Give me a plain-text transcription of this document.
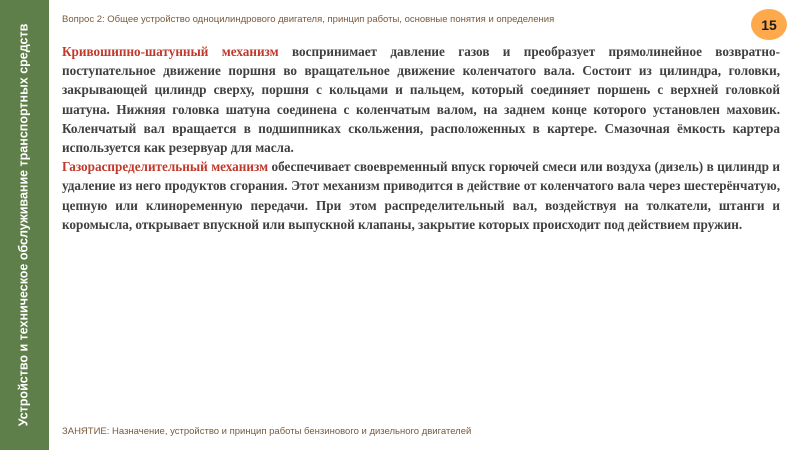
Устройство и техническое обслуживание транспортных средств
Вопрос 2: Общее устройство одноцилиндрового двигателя, принцип работы, основные понятия и определения	15

Кривошипно-шатунный механизм воспринимает давление газов и преобразует прямолинейное возвратно-поступательное движение поршня во вращательное движение коленчатого вала. Состоит из цилиндра, головки, закрывающей цилиндр сверху, поршня с кольцами и пальцем, который соединяет поршень с верхней головкой шатуна. Нижняя головка шатуна соединена с коленчатым валом, на заднем конце которого установлен маховик. Коленчатый вал вращается в подшипниках скольжения, расположенных в картере. Смазочная ёмкость картера используется как резервуар для масла.

Газораспределительный механизм обеспечивает своевременный впуск горючей смеси или воздуха (дизель) в цилиндр и удаление из него продуктов сгорания. Этот механизм приводится в действие от коленчатого вала через шестерёнчатую, цепную или клиноременную передачи. При этом распределительный вал, воздействуя на толкатели, штанги и коромысла, открывает впускной или выпускной клапаны, закрытие которых происходит под действием пружин.

ЗАНЯТИЕ: Назначение, устройство и принцип работы бензинового и дизельного двигателей
